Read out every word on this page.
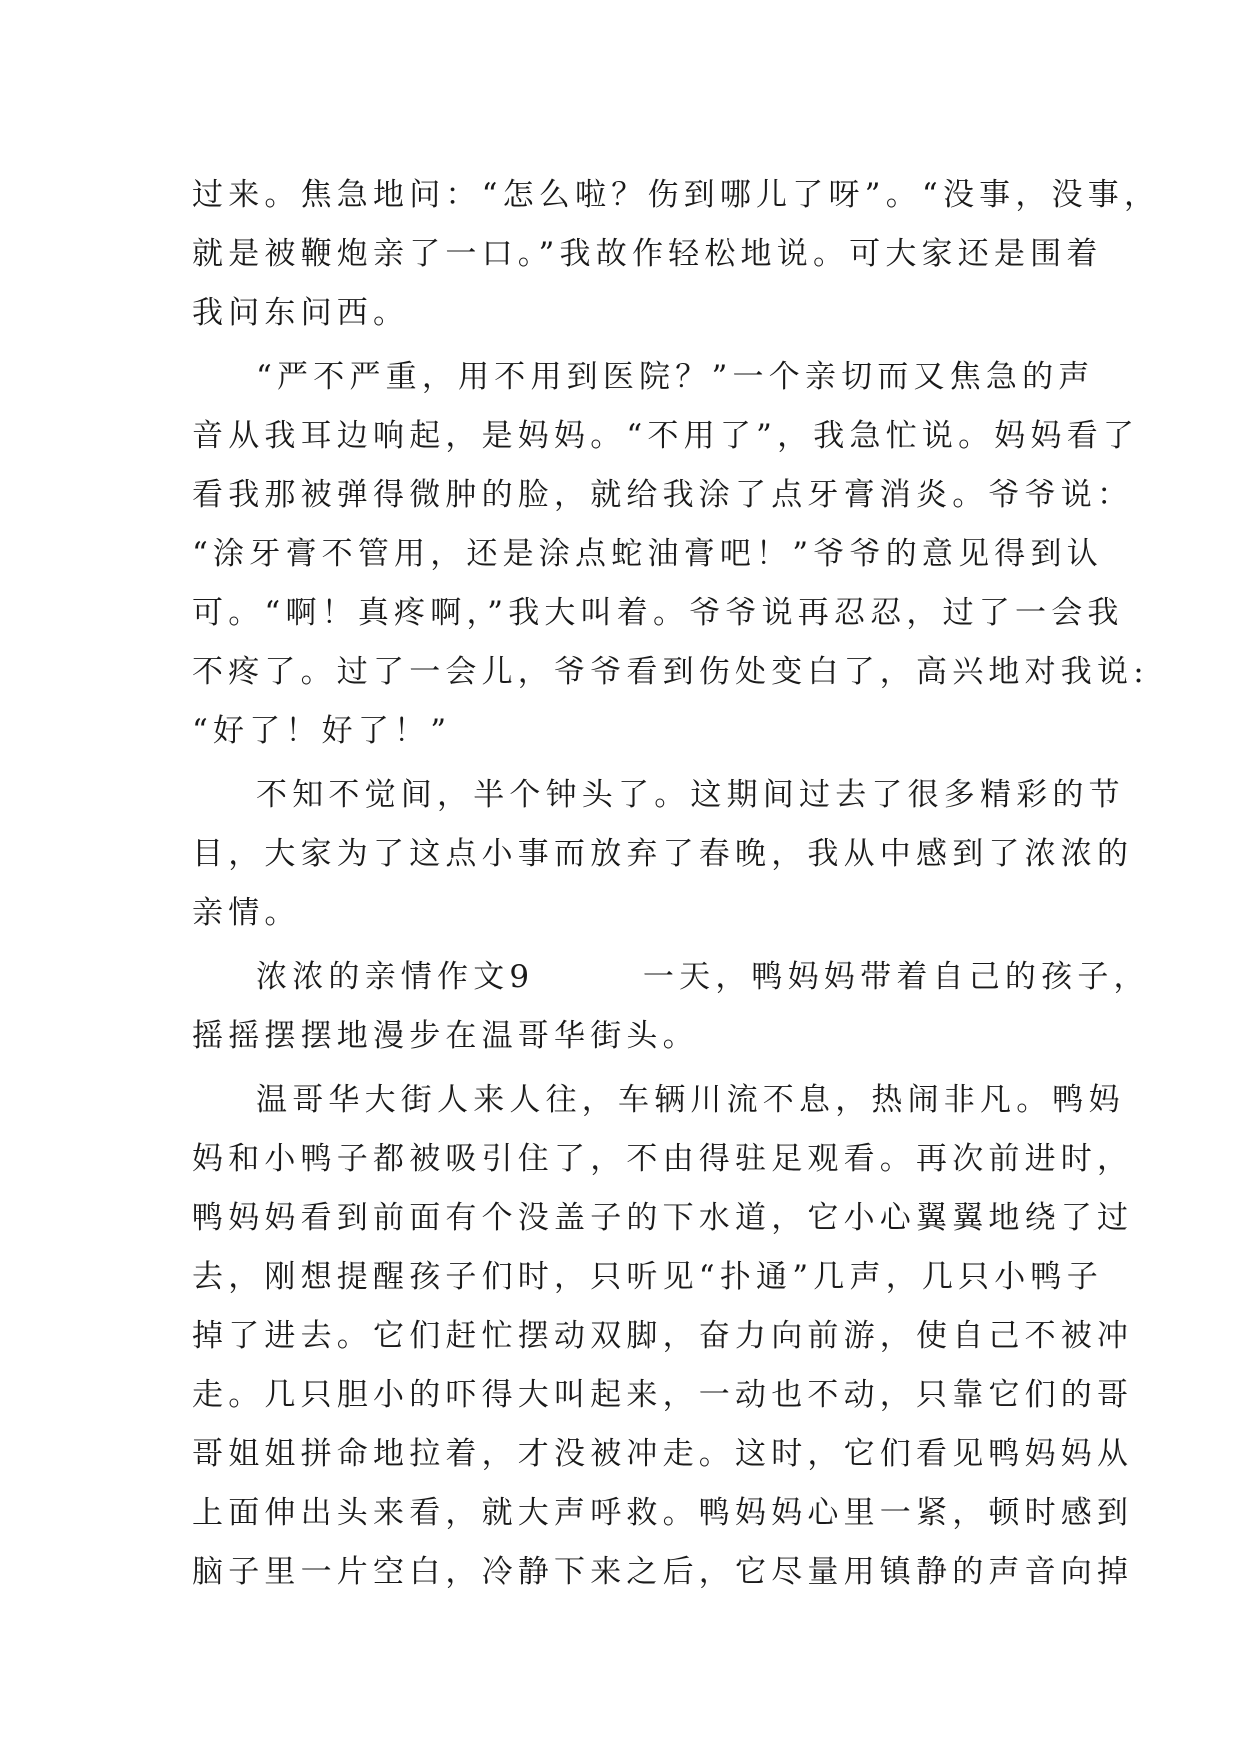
过来。焦急地问：“怎么啦？伤到哪儿了呀”。“没事，没事，
就是被鞭炮亲了一口。”我故作轻松地说。可大家还是围着
我问东问西。
“严不严重，用不用到医院？”一个亲切而又焦急的声
音从我耳边响起，是妈妈。“不用了”，我急忙说。妈妈看了
看我那被弹得微肿的脸，就给我涂了点牙膏消炎。爷爷说：
“涂牙膏不管用，还是涂点蛇油膏吧！”爷爷的意见得到认
可。“啊！真疼啊，”我大叫着。爷爷说再忍忍，过了一会我
不疼了。过了一会儿，爷爷看到伤处变白了，高兴地对我说:
“好了！好了！”
不知不觉间，半个钟头了。这期间过去了很多精彩的节
目，大家为了这点小事而放弃了春晚，我从中感到了浓浓的
亲情。
浓浓的亲情作文9　　　一天，鸭妈妈带着自己的孩子，
摇摇摆摆地漫步在温哥华街头。
温哥华大街人来人往，车辆川流不息，热闹非凡。鸭妈
妈和小鸭子都被吸引住了，不由得驻足观看。再次前进时，
鸭妈妈看到前面有个没盖子的下水道，它小心翼翼地绕了过
去，刚想提醒孩子们时，只听见“扑通”几声，几只小鸭子
掉了进去。它们赶忙摆动双脚，奋力向前游，使自己不被冲
走。几只胆小的吓得大叫起来，一动也不动，只靠它们的哥
哥姐姐拼命地拉着，才没被冲走。这时，它们看见鸭妈妈从
上面伸出头来看，就大声呼救。鸭妈妈心里一紧，顿时感到
脑子里一片空白，冷静下来之后，它尽量用镇静的声音向掉
